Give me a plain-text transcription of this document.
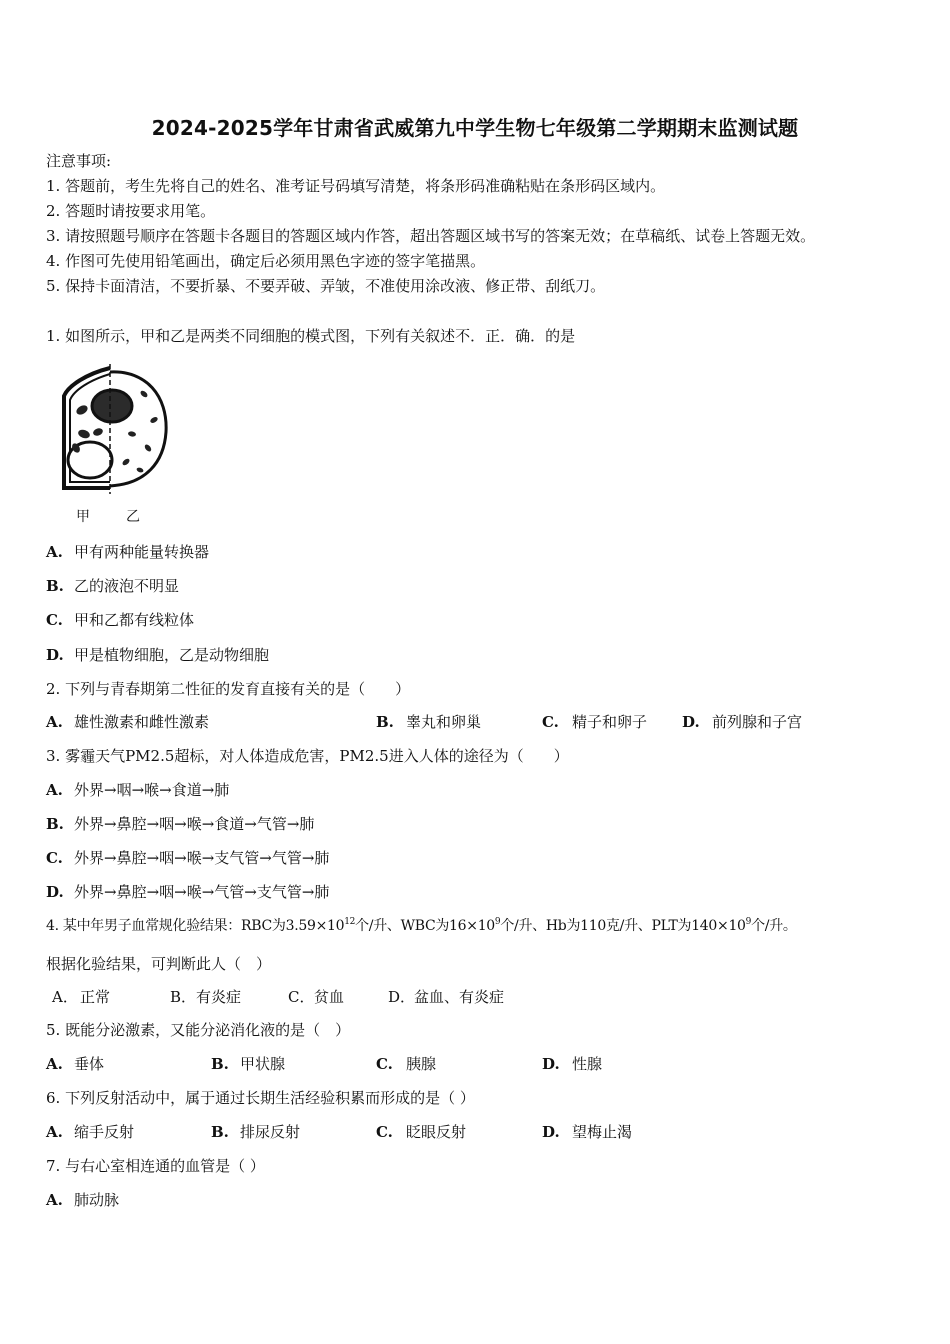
2024-2025学年甘肃省武威第九中学生物七年级第二学期期末监测试题
注意事项:
1. 答题前，考生先将自己的姓名、准考证号码填写清楚，将条形码准确粘贴在条形码区域内。
2. 答题时请按要求用笔。
3. 请按照题号顺序在答题卡各题目的答题区域内作答，超出答题区域书写的答案无效；在草稿纸、试卷上答题无效。
4. 作图可先使用铅笔画出，确定后必须用黑色字迹的签字笔描黑。
5. 保持卡面清洁，不要折暴、不要弄破、弄皱，不准使用涂改液、修正带、刮纸刀。
1. 如图所示，甲和乙是两类不同细胞的模式图，下列有关叙述不．正．确．的是
甲	乙
A. 甲有两种能量转换器
B. 乙的液泡不明显
C. 甲和乙都有线粒体
D. 甲是植物细胞，乙是动物细胞
2. 下列与青春期第二性征的发育直接有关的是（　　）
A. 雄性激素和雌性激素	B. 睾丸和卵巢	C. 精子和卵子 D. 前列腺和子宫
3. 雾霾天气PM2.5超标，对人体造成危害，PM2.5进入人体的途径为（　　）
A. 外界→咽→喉→食道→肺
B. 外界→鼻腔→咽→喉→食道→气管→肺
C. 外界→鼻腔→咽→喉→支气管→气管→肺
D. 外界→鼻腔→咽→喉→气管→支气管→肺
4. 某中年男子血常规化验结果：RBC为$3.59\times 10^{12}$个/升、WBC为$16\times 10^9$个/升、Hb为110克/升、PLT为$140\times 10^9$个/升。
根据化验结果，可判断此人（　）
A． 正常	B． 有炎症	C． 贫血	D．
盆血、有炎症
5. 既能分泌激素，又能分泌消化液的是（　）
A. 垂体	B. 甲状腺	C. 胰腺	D. 性腺
6. 下列反射活动中，属于通过长期生活经验积累而形成的是（ ）
A. 缩手反射	B. 排尿反射	C. 眨眼反射	D. 望梅止渴
7. 与右心室相连通的血管是（ ）
A. 肺动脉
